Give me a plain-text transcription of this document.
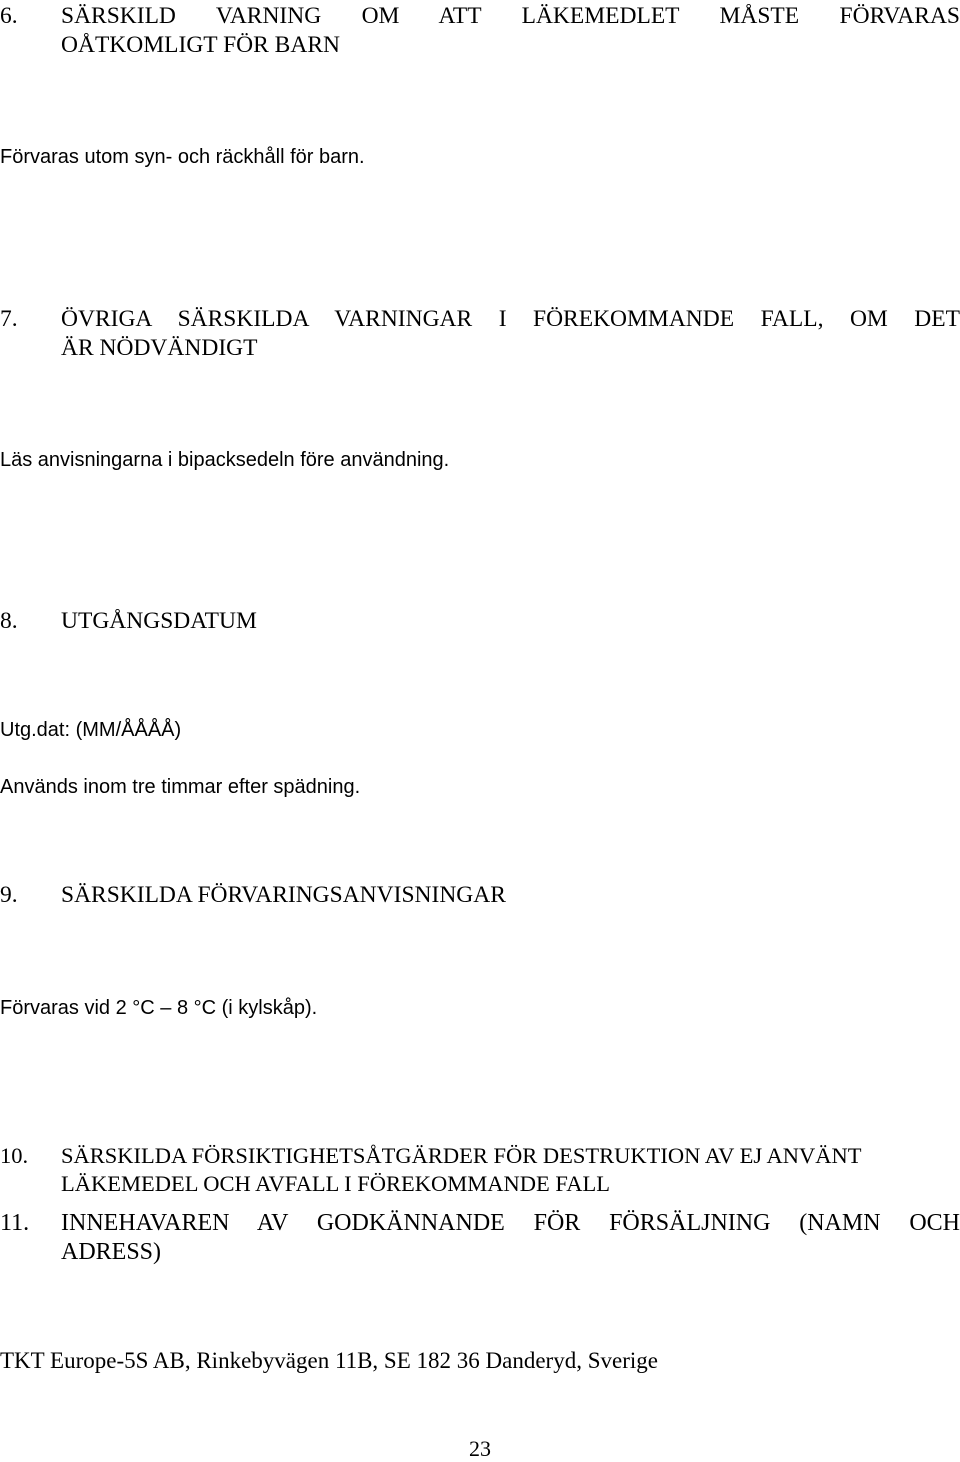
6.	SÄRSKILD VARNING OM ATT LÄKEMEDLET MÅSTE FÖRVARAS
OÅTKOMLIGT FÖR BARN
Förvaras utom syn- och räckhåll för barn.
7.	ÖVRIGA SÄRSKILDA VARNINGAR I FÖREKOMMANDE FALL, OM DET
ÄR NÖDVÄNDIGT
Läs anvisningarna i bipacksedeln före användning.
8.	UTGÅNGSDATUM
Utg.dat: (MM/ÅÅÅÅ)
Används inom tre timmar efter spädning.
9.	SÄRSKILDA FÖRVARINGSANVISNINGAR
Förvaras vid 2 °C – 8 °C (i kylskåp).
10. SÄRSKILDA FÖRSIKTIGHETSÅTGÄRDER FÖR DESTRUKTION AV EJ ANVÄNT
LÄKEMEDEL OCH AVFALL I FÖREKOMMANDE FALL
11.	INNEHAVAREN AV GODKÄNNANDE FÖR FÖRSÄLJNING (NAMN OCH
ADRESS)
TKT Europe-5S AB, Rinkebyvägen 11B, SE 182 36 Danderyd, Sverige
23
